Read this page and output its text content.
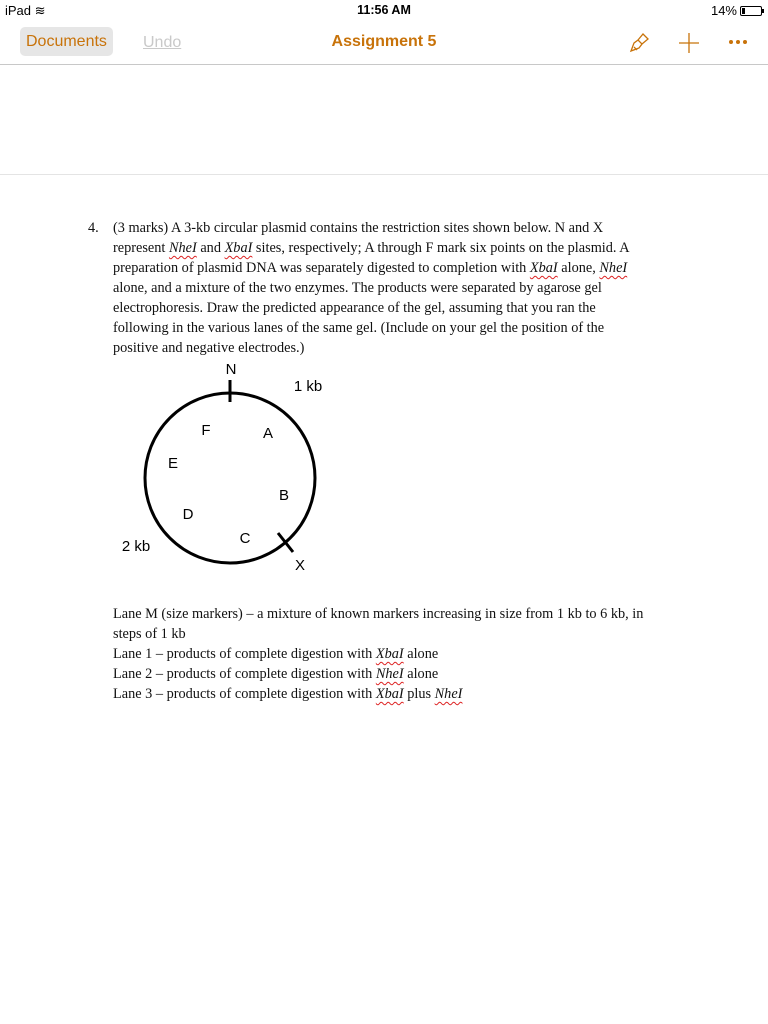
iPad ≋	11:56 AM	14%
Documents	Undo	Assignment 5
4. (3 marks) A 3-kb circular plasmid contains the restriction sites shown below. N and X
represent NheI and XbaI sites, respectively; A through F mark six points on the plasmid. A
preparation of plasmid DNA was separately digested to completion with XbaI alone, NheI
alone, and a mixture of the two enzymes. The products were separated by agarose gel
electrophoresis. Draw the predicted appearance of the gel, assuming that you ran the
following in the various lanes of the same gel. (Include on your gel the position of the
positive and negative electrodes.)
N
1 kb
F	A
E
B
D
C
2 kb
X
Lane M (size markers) – a mixture of known markers increasing in size from 1 kb to 6 kb, in
steps of 1 kb
Lane 1 – products of complete digestion with XbaI alone
Lane 2 – products of complete digestion with NheI alone
Lane 3 – products of complete digestion with XbaI plus NheI
